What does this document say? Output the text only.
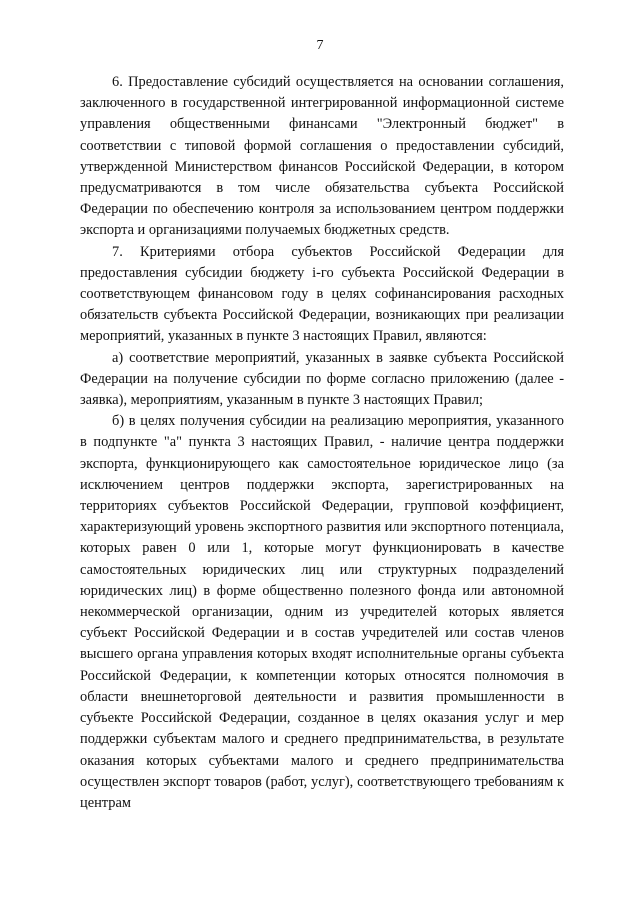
7

6. Предоставление субсидий осуществляется на основании соглашения, заключенного в государственной интегрированной информационной системе управления общественными финансами "Электронный бюджет" в соответствии с типовой формой соглашения о предоставлении субсидий, утвержденной Министерством финансов Российской Федерации, в котором предусматриваются в том числе обязательства субъекта Российской Федерации по обеспечению контроля за использованием центром поддержки экспорта и организациями получаемых бюджетных средств.

7. Критериями отбора субъектов Российской Федерации для предоставления субсидии бюджету i-го субъекта Российской Федерации в соответствующем финансовом году в целях софинансирования расходных обязательств субъекта Российской Федерации, возникающих при реализации мероприятий, указанных в пункте 3 настоящих Правил, являются:

а) соответствие мероприятий, указанных в заявке субъекта Российской Федерации на получение субсидии по форме согласно приложению (далее - заявка), мероприятиям, указанным в пункте 3 настоящих Правил;

б) в целях получения субсидии на реализацию мероприятия, указанного в подпункте "а" пункта 3 настоящих Правил, - наличие центра поддержки экспорта, функционирующего как самостоятельное юридическое лицо (за исключением центров поддержки экспорта, зарегистрированных на территориях субъектов Российской Федерации, групповой коэффициент, характеризующий уровень экспортного развития или экспортного потенциала, которых равен 0 или 1, которые могут функционировать в качестве самостоятельных юридических лиц или структурных подразделений юридических лиц) в форме общественно полезного фонда или автономной некоммерческой организации, одним из учредителей которых является субъект Российской Федерации и в состав учредителей или состав членов высшего органа управления которых входят исполнительные органы субъекта Российской Федерации, к компетенции которых относятся полномочия в области внешнеторговой деятельности и развития промышленности в субъекте Российской Федерации, созданное в целях оказания услуг и мер поддержки субъектам малого и среднего предпринимательства, в результате оказания которых субъектами малого и среднего предпринимательства осуществлен экспорт товаров (работ, услуг), соответствующего требованиям к центрам
